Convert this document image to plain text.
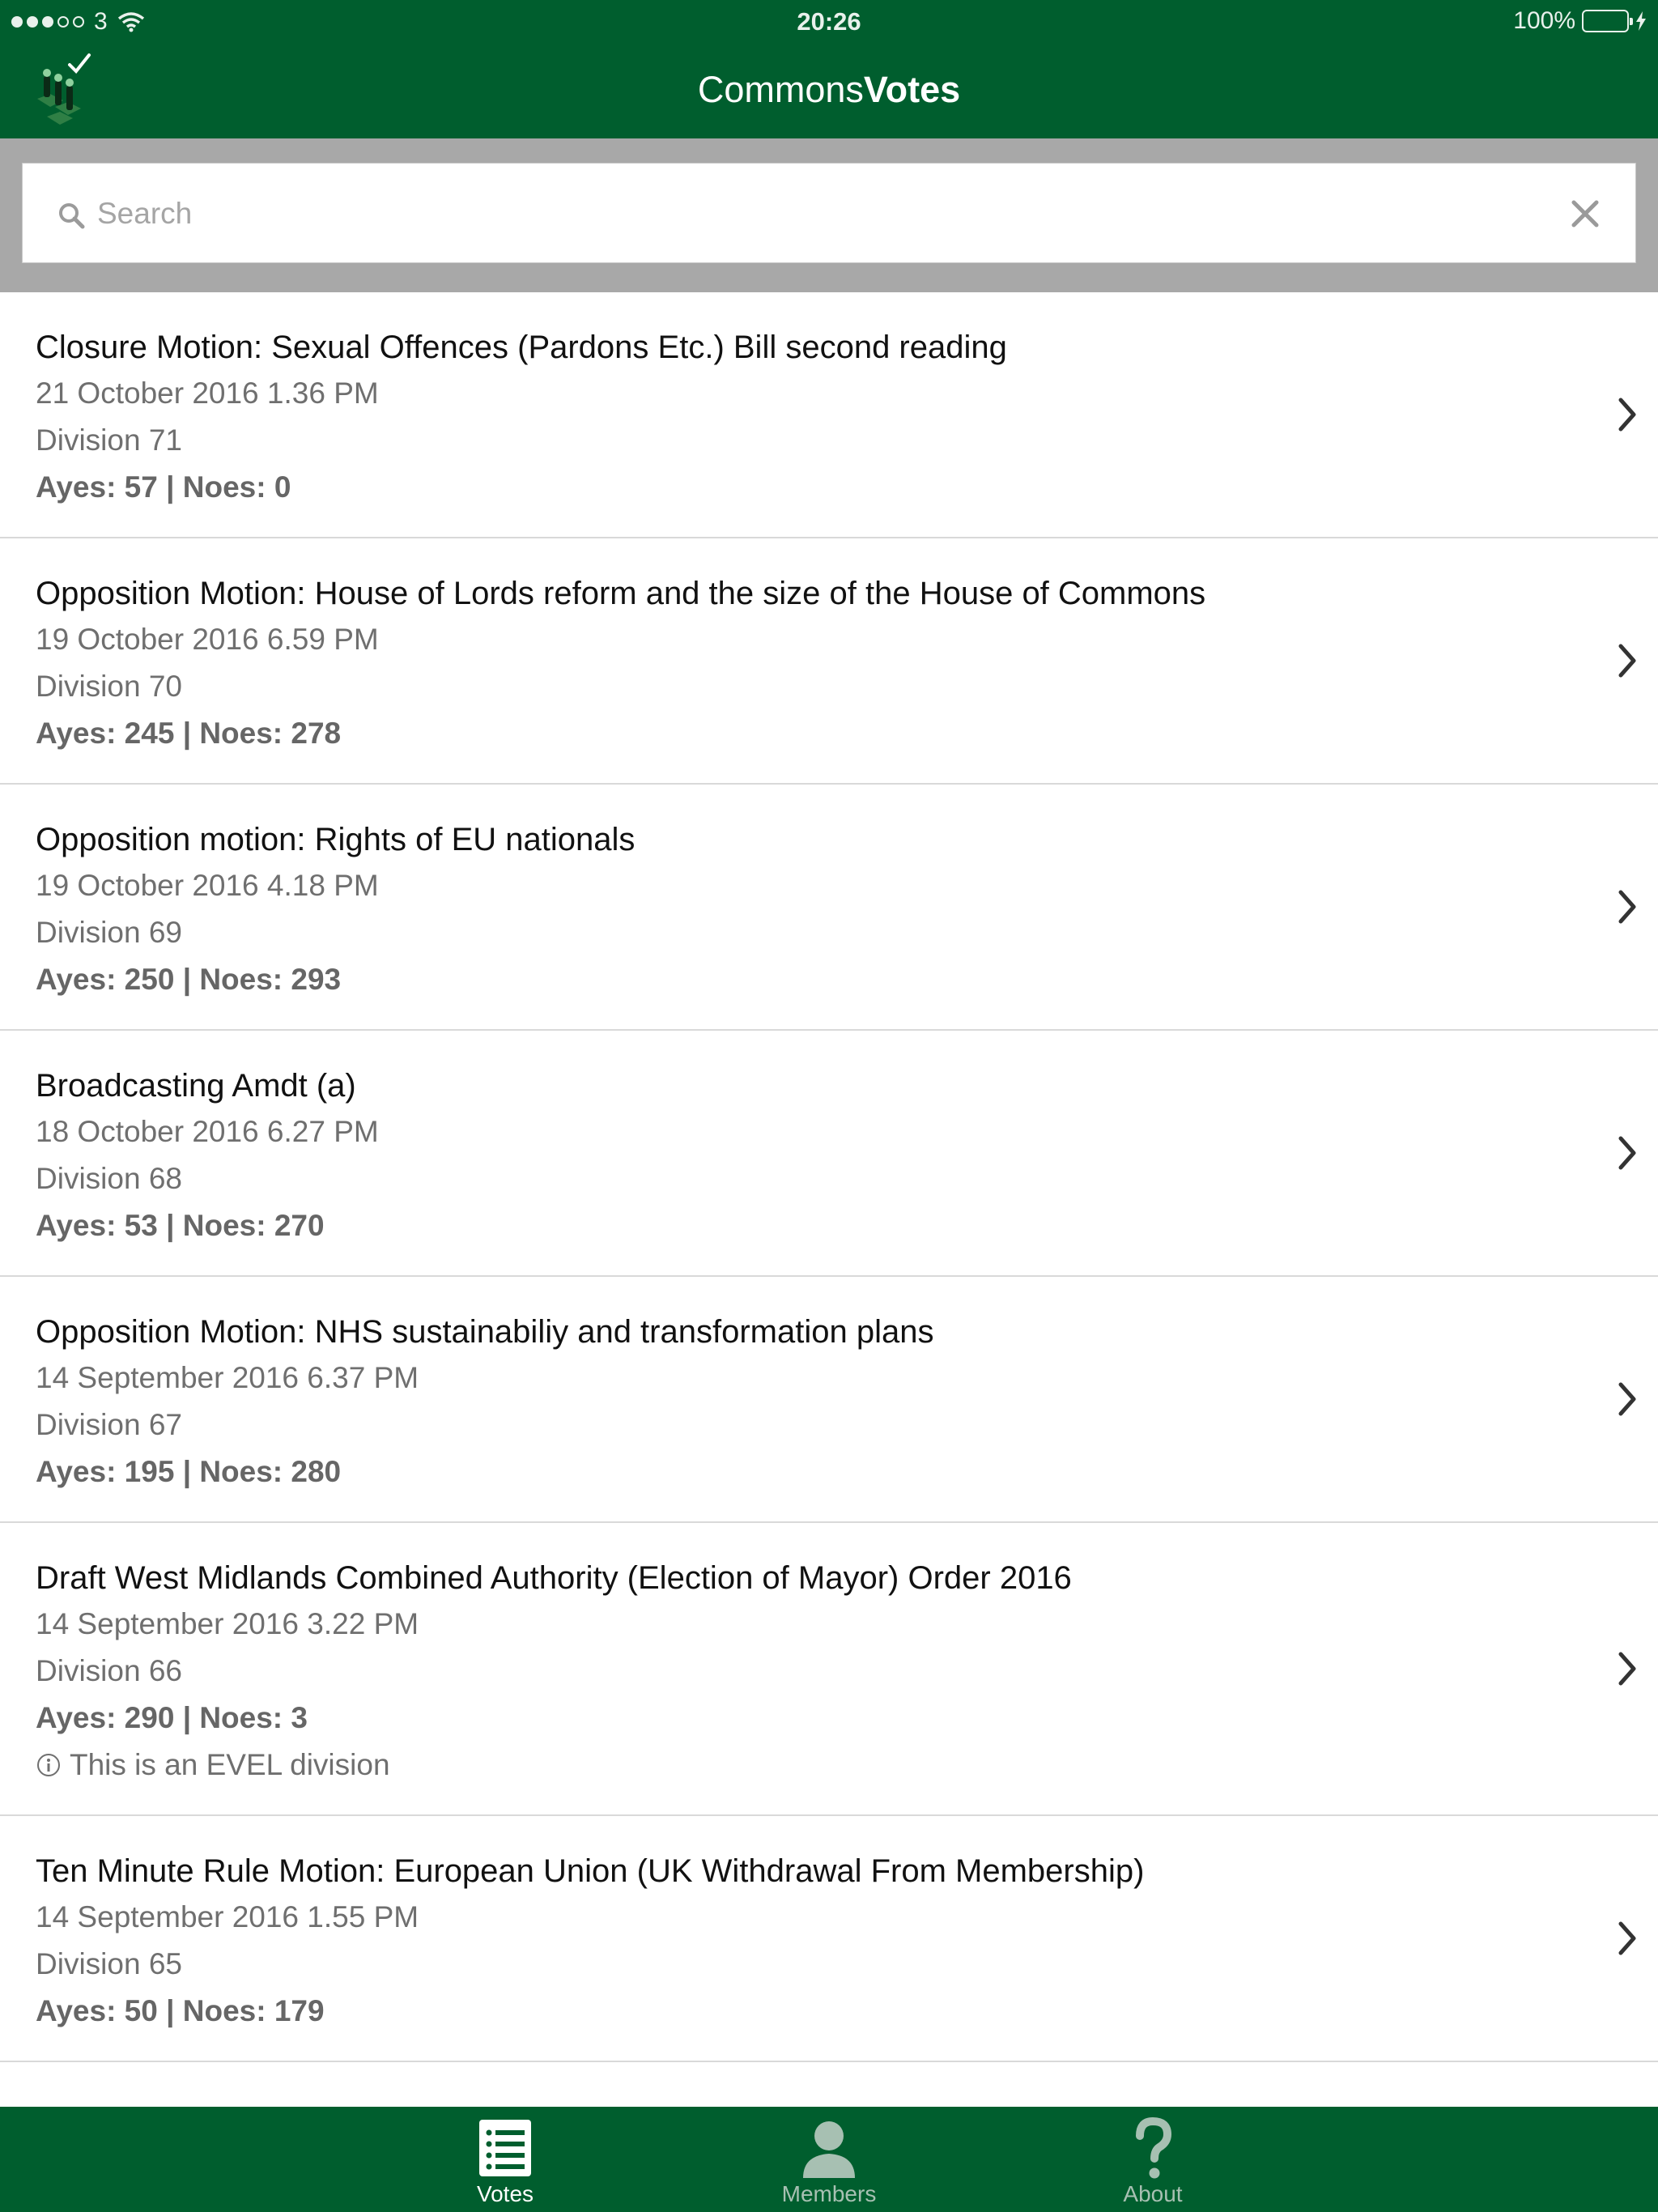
3	20:26	100%
CommonsVotes
Search
Closure Motion: Sexual Offences (Pardons Etc.) Bill second reading
21 October 2016 1.36 PM
Division 71
Ayes: 57 | Noes: 0
Opposition Motion: House of Lords reform and the size of the House of Commons
19 October 2016 6.59 PM
Division 70
Ayes: 245 | Noes: 278
Opposition motion: Rights of EU nationals
19 October 2016 4.18 PM
Division 69
Ayes: 250 | Noes: 293
Broadcasting Amdt (a)
18 October 2016 6.27 PM
Division 68
Ayes: 53 | Noes: 270
Opposition Motion: NHS sustainabiliy and transformation plans
14 September 2016 6.37 PM
Division 67
Ayes: 195 | Noes: 280
Draft West Midlands Combined Authority (Election of Mayor) Order 2016
14 September 2016 3.22 PM
Division 66
Ayes: 290 | Noes: 3
This is an EVEL division
Ten Minute Rule Motion: European Union (UK Withdrawal From Membership)
14 September 2016 1.55 PM
Division 65
Ayes: 50 | Noes: 179
Votes	Members	About
